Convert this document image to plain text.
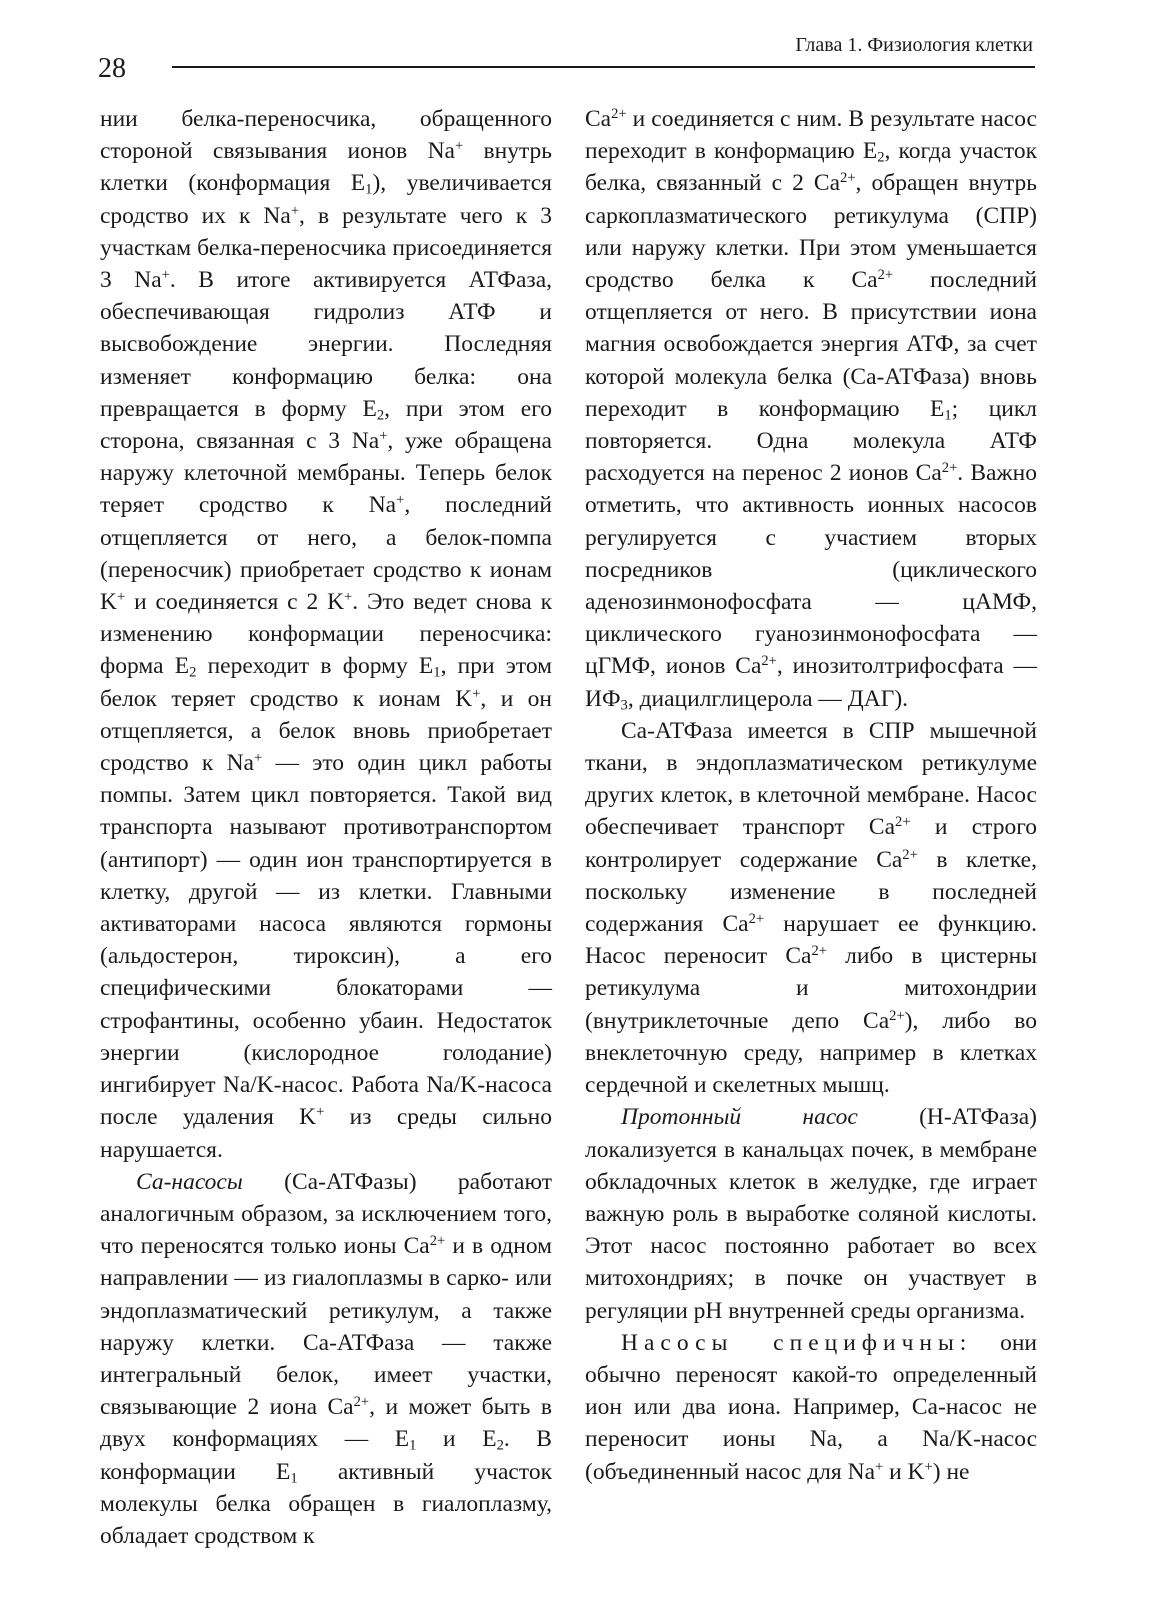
28
Глава 1. Физиология клетки

нии белка-переносчика, обращенного стороной связывания ионов Na+ внутрь клетки (конформация $E_1$), увеличивается сродство их к Na+, в результате чего к 3 участкам белка-переносчика присоединяется 3 Na+. В итоге активируется АТФаза, обеспечивающая гидролиз АТФ и высвобождение энергии. Последняя изменяет конформацию белка: она превращается в форму $E_2$, при этом его сторона, связанная с 3 Na+, уже обращена наружу клеточной мембраны. Теперь белок теряет сродство к Na+, последний отщепляется от него, а белок-помпа (переносчик) приобретает сродство к ионам K+ и соединяется с 2 K+. Это ведет снова к изменению конформации переносчика: форма $E_2$ переходит в форму $E_1$, при этом белок теряет сродство к ионам K+, и он отщепляется, а белок вновь приобретает сродство к Na+ — это один цикл работы помпы. Затем цикл повторяется. Такой вид транспорта называют противотранспортом (антипорт) — один ион транспортируется в клетку, другой — из клетки. Главными активаторами насоса являются гормоны (альдостерон, тироксин), а его специфическими блокаторами — строфантины, особенно убаин. Недостаток энергии (кислородное голодание) ингибирует Na/K-насос. Работа Na/K-насоса после удаления K+ из среды сильно нарушается.

Са-насосы (Са-АТФазы) работают аналогичным образом, за исключением того, что переносятся только ионы $Ca^{2+}$ и в одном направлении — из гиалоплазмы в сарко- или эндоплазматический ретикулум, а также наружу клетки. Са-АТФаза — также интегральный белок, имеет участки, связывающие 2 иона $Ca^{2+}$, и может быть в двух конформациях — $E_1$ и $E_2$. В конформации $E_1$ активный участок молекулы белка обращен в гиалоплазму, обладает сродством к

$Ca^{2+}$ и соединяется с ним. В результате насос переходит в конформацию $E_2$, когда участок белка, связанный с 2 $Ca^{2+}$, обращен внутрь саркоплазматического ретикулума (СПР) или наружу клетки. При этом уменьшается сродство белка к $Ca^{2+}$ последний отщепляется от него. В присутствии иона магния освобождается энергия АТФ, за счет которой молекула белка (Са-АТФаза) вновь переходит в конформацию $E_1$; цикл повторяется. Одна молекула АТФ расходуется на перенос 2 ионов $Ca^{2+}$. Важно отметить, что активность ионных насосов регулируется с участием вторых посредников (циклического аденозинмонофосфата — цАМФ, циклического гуанозинмонофосфата — цГМФ, ионов $Ca^{2+}$, инозитолтрифосфата — $ИФ_3$, диацилглицерола — ДАГ).

Са-АТФаза имеется в СПР мышечной ткани, в эндоплазматическом ретикулуме других клеток, в клеточной мембране. Насос обеспечивает транспорт $Ca^{2+}$ и строго контролирует содержание $Ca^{2+}$ в клетке, поскольку изменение в последней содержания $Ca^{2+}$ нарушает ее функцию. Насос переносит $Ca^{2+}$ либо в цистерны ретикулума и митохондрии (внутриклеточные депо $Ca^{2+}$), либо во внеклеточную среду, например в клетках сердечной и скелетных мышц.

Протонный насос (Н-АТФаза) локализуется в канальцах почек, в мембране обкладочных клеток в желудке, где играет важную роль в выработке соляной кислоты. Этот насос постоянно работает во всех митохондриях; в почке он участвует в регуляции pH внутренней среды организма.

Насосы специфичны: они обычно переносят какой-то определенный ион или два иона. Например, Са-насос не переносит ионы Na, а Na/K-насос (объединенный насос для Na+ и K+) не
